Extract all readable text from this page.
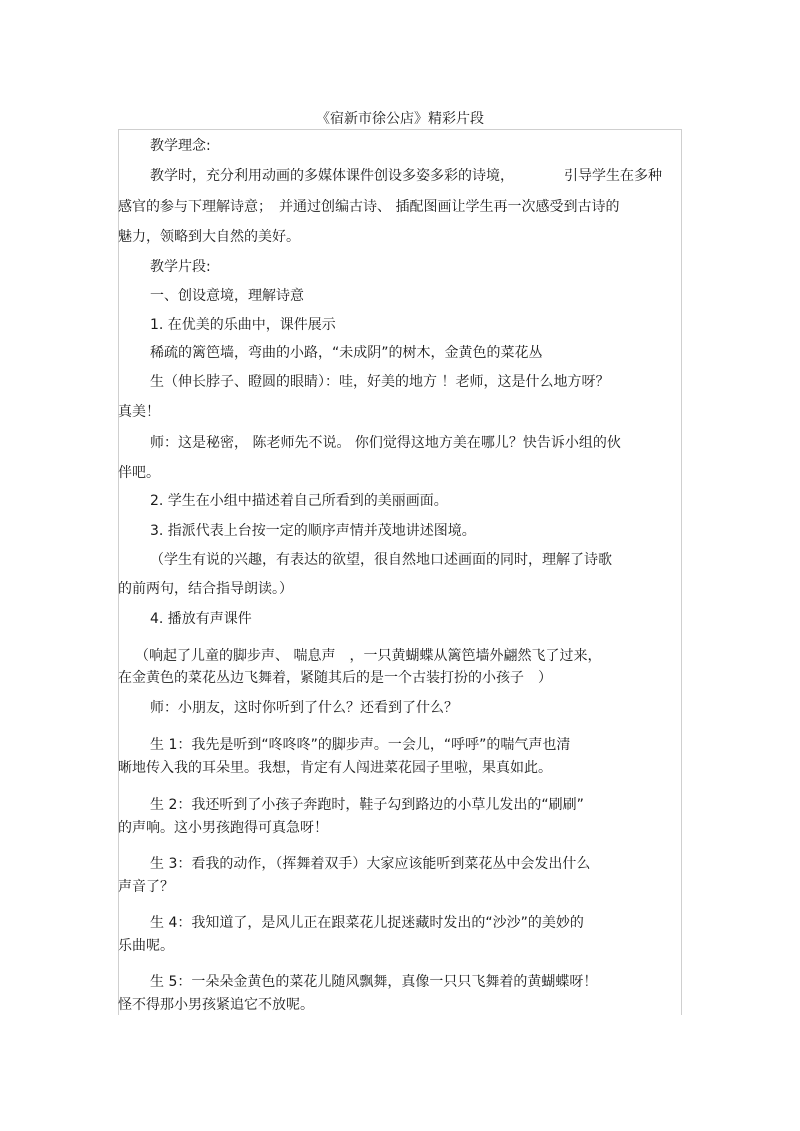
《宿新市徐公店》精彩片段
教学理念:
教学时，充分利用动画的多媒体课件创设多姿多彩的诗境，	引导学生在多种
感官的参与下理解诗意；　并通过创编古诗、 插配图画让学生再一次感受到古诗的
魅力，领略到大自然的美好。
教学片段:
一、创设意境，理解诗意
1. 在优美的乐曲中，课件展示
稀疏的篱笆墙，弯曲的小路，“未成阴”的树木，金黄色的菜花丛
生（伸长脖子、瞪圆的眼睛）：哇，好美的地方 ！老师，这是什么地方呀？
真美！
师：这是秘密， 陈老师先不说。 你们觉得这地方美在哪儿？快告诉小组的伙
伴吧。
2. 学生在小组中描述着自己所看到的美丽画面。
3. 指派代表上台按一定的顺序声情并茂地讲述图境。
（学生有说的兴趣，有表达的欲望，很自然地口述画面的同时，理解了诗歌
的前两句，结合指导朗读。）
4. 播放有声课件
（响起了儿童的脚步声、 喘息声　，一只黄蝴蝶从篱笆墙外翩然飞了过来，
在金黄色的菜花丛边飞舞着，紧随其后的是一个古装打扮的小孩子　）
师：小朋友，这时你听到了什么？还看到了什么？
生 1：我先是听到“咚咚咚”的脚步声。一会儿，“呼呼”的喘气声也清
晰地传入我的耳朵里。我想，肯定有人闯进菜花园子里啦，果真如此。
生 2：我还听到了小孩子奔跑时，鞋子勾到路边的小草儿发出的“刷刷”
的声响。这小男孩跑得可真急呀！
生 3：看我的动作，（挥舞着双手）大家应该能听到菜花丛中会发出什么
声音了？
生 4：我知道了，是风儿正在跟菜花儿捉迷藏时发出的“沙沙”的美妙的
乐曲呢。
生 5：一朵朵金黄色的菜花儿随风飘舞，真像一只只飞舞着的黄蝴蝶呀！
怪不得那小男孩紧追它不放呢。
